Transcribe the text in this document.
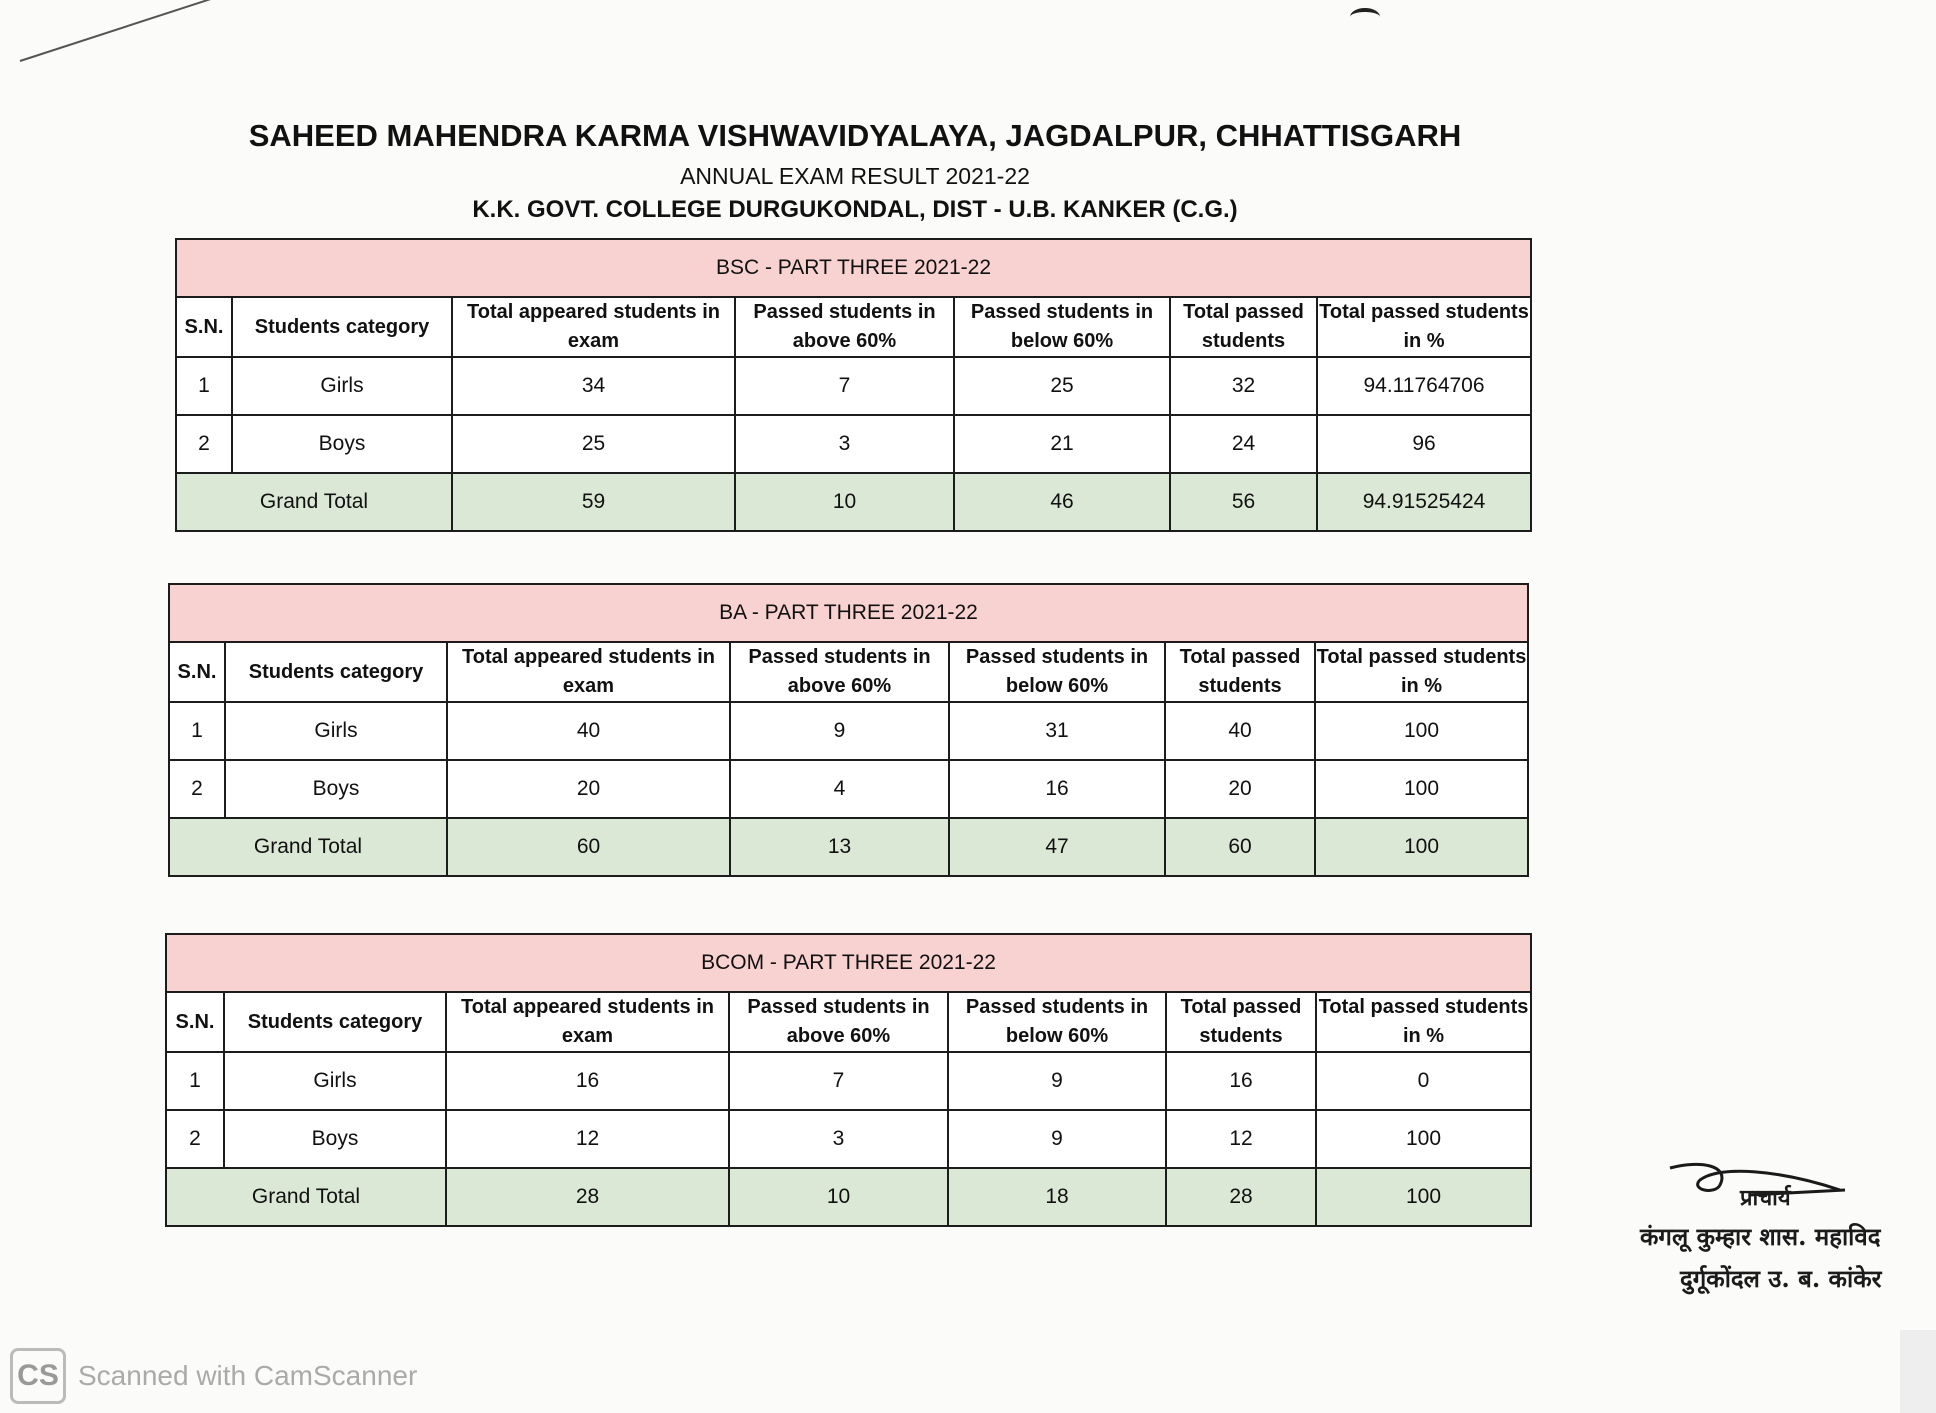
SAHEED MAHENDRA KARMA VISHWAVIDYALAYA, JAGDALPUR, CHHATTISGARH
ANNUAL EXAM RESULT 2021-22
K.K. GOVT. COLLEGE DURGUKONDAL, DIST - U.B. KANKER (C.G.)
BSC - PART THREE 2021-22						
S.N.	Students category	Total appeared students in exam	Passed students in above 60%	Passed students in below 60%	Total passed students	Total passed students in %
1	Girls	34	7	25	32	94.11764706
2	Boys	25	3	21	24	96
Grand Total		59	10	46	56	94.91525424
BA - PART THREE 2021-22						
S.N.	Students category	Total appeared students in exam	Passed students in above 60%	Passed students in below 60%	Total passed students	Total passed students in %
1	Girls	40	9	31	40	100
2	Boys	20	4	16	20	100
Grand Total		60	13	47	60	100
BCOM - PART THREE 2021-22						
S.N.	Students category	Total appeared students in exam	Passed students in above 60%	Passed students in below 60%	Total passed students	Total passed students in %
1	Girls	16	7	9	16	0
2	Boys	12	3	9	12	100
Grand Total		28	10	18	28	100	प्राचार्य
कंगलू कुम्हार शास. महाविद
दुर्गूकोंदल उ. ब. कांकेर
CS Scanned with CamScanner
